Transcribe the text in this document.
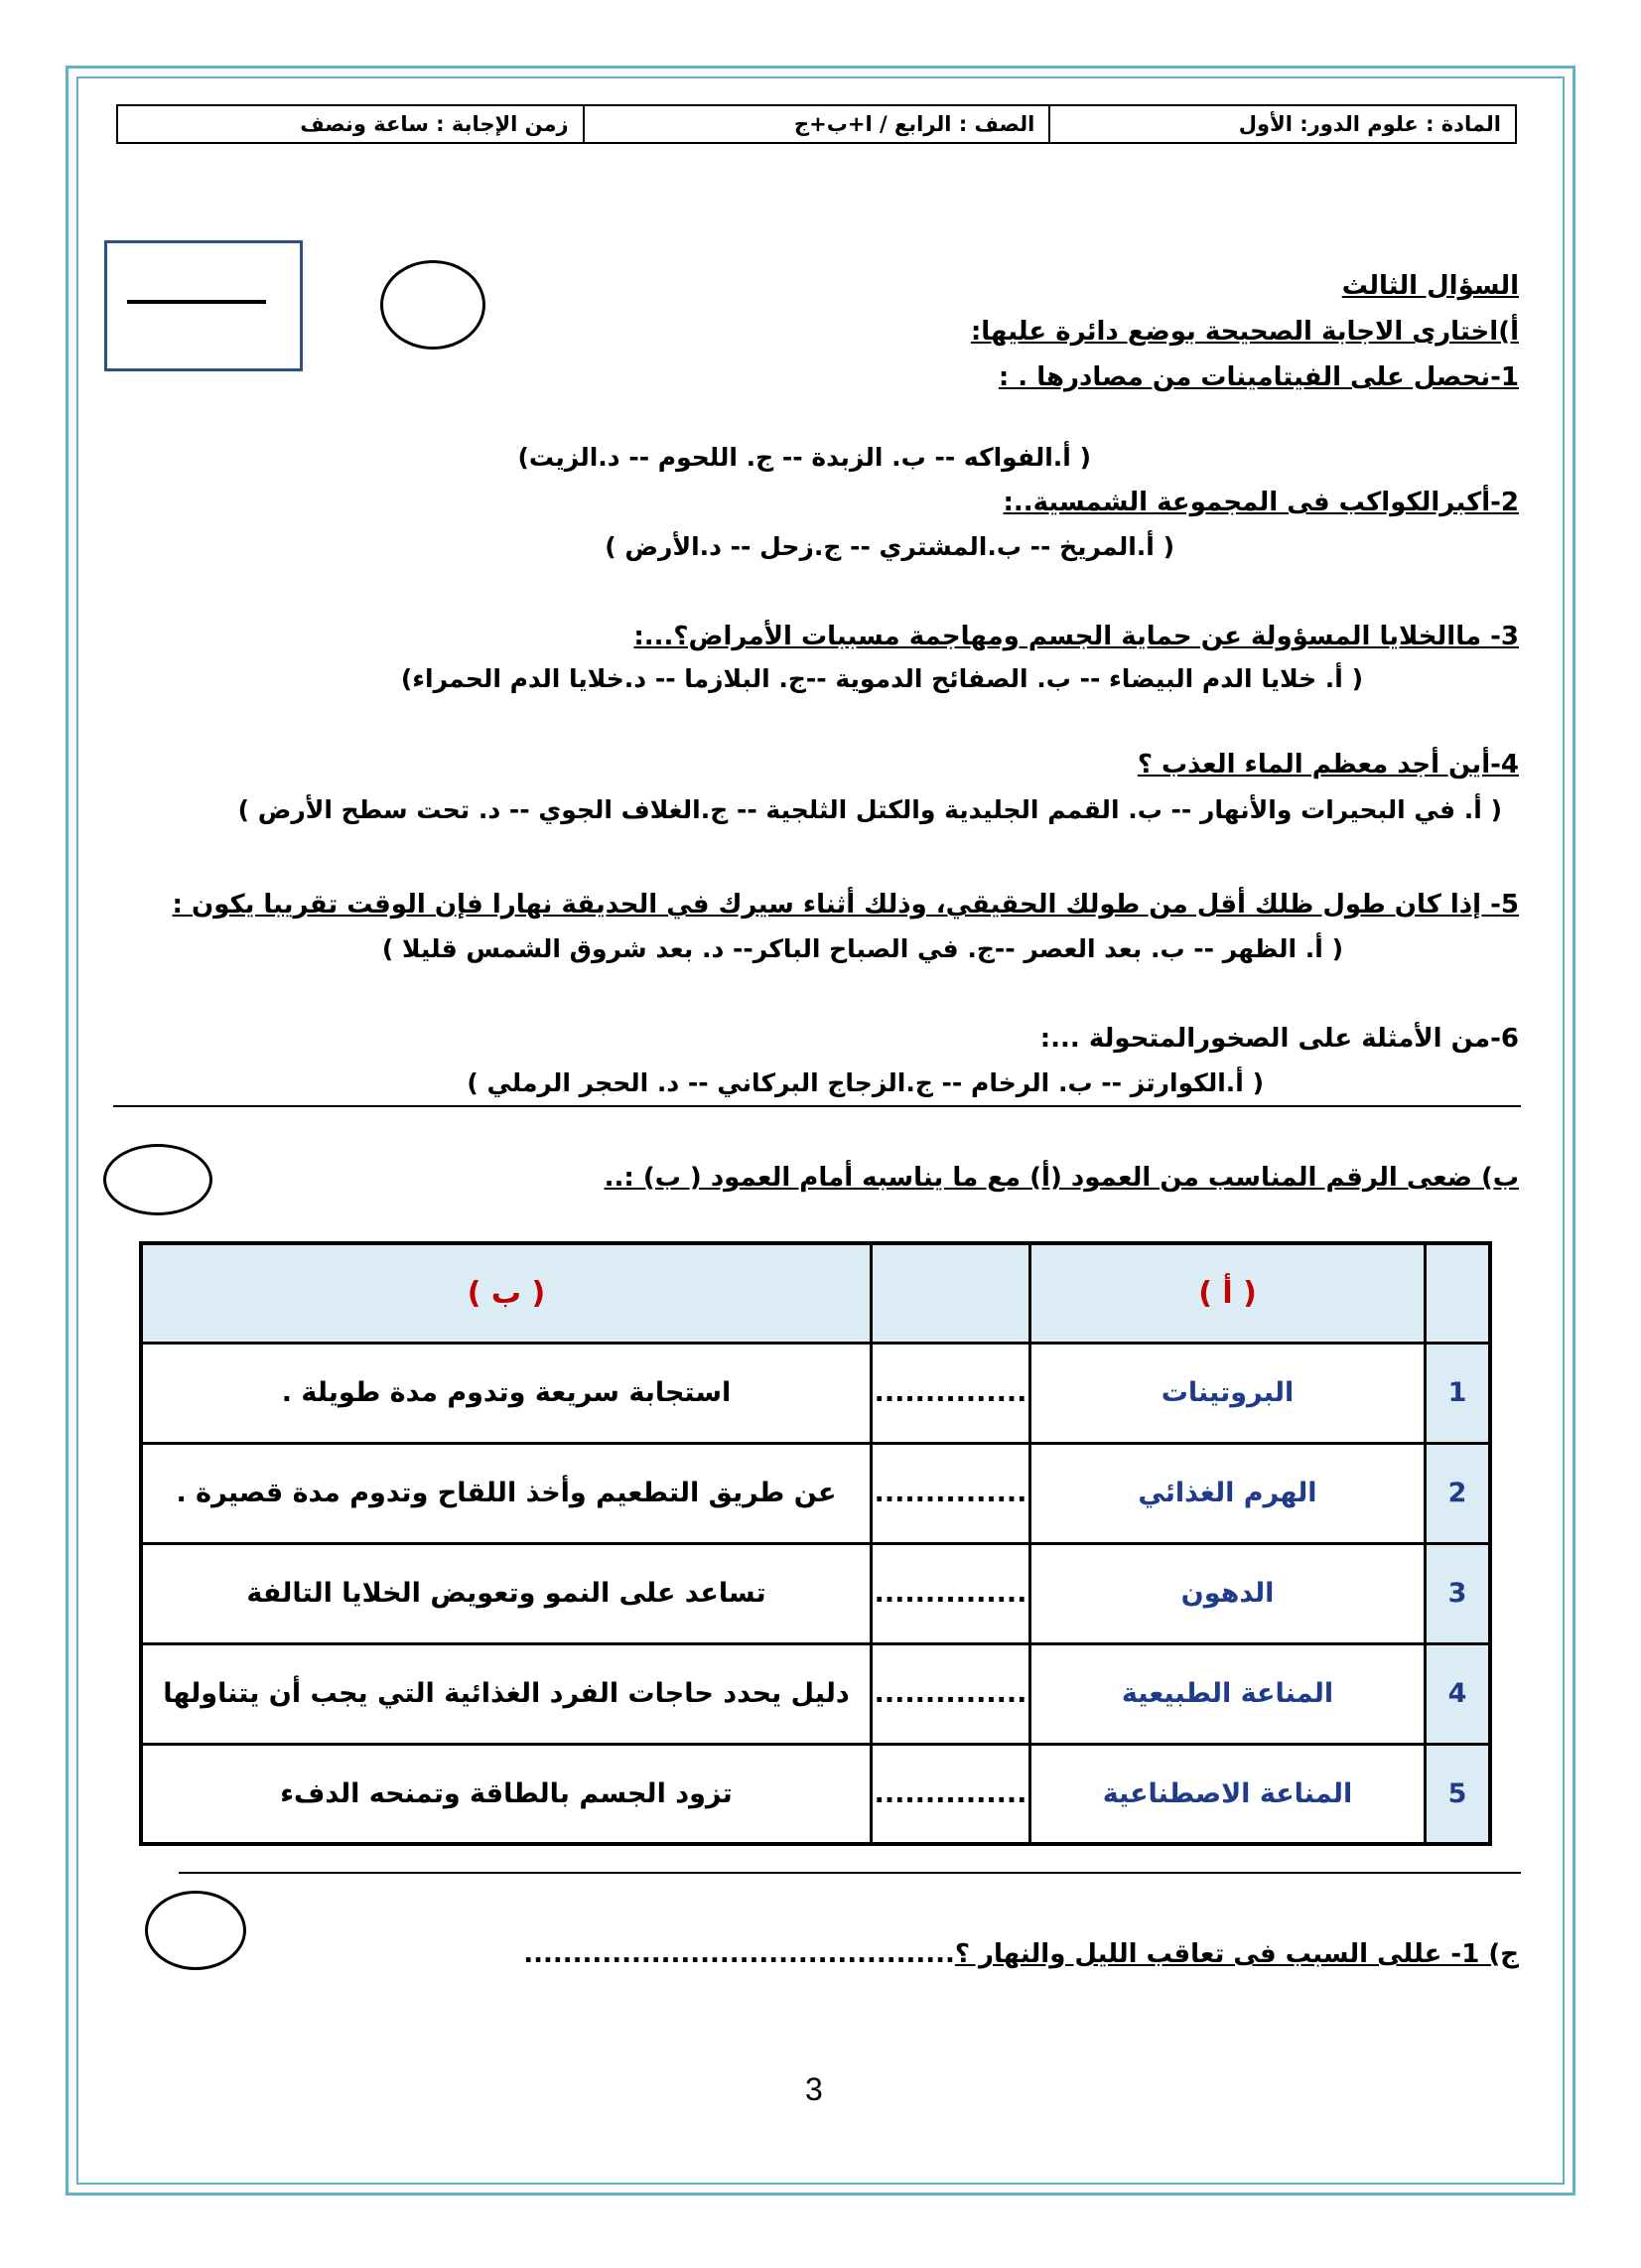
المادة : علوم الدور: الأول
الصف : الرابع / ا+ب+ج
زمن الإجابة : ساعة ونصف
السؤال الثالث
أ)اختارى الاجابة الصحيحة بوضع دائرة عليها:
1-نحصل على الفيتامينات من مصادرها . :
( أ.الفواكه -- ب. الزبدة -- ج. اللحوم -- د.الزيت)
2-أكبرالكواكب فى المجموعة الشمسية..:
( أ.المريخ -- ب.المشتري -- ج.زحل -- د.الأرض )
3- ماالخلايا المسؤولة عن حماية الجسم ومهاجمة مسببات الأمراض؟...:
( أ. خلايا الدم البيضاء -- ب. الصفائح الدموية --ج. البلازما -- د.خلايا الدم الحمراء)
4-أين أجد معظم الماء العذب ؟
( أ. في البحيرات والأنهار -- ب. القمم الجليدية والكتل الثلجية -- ج.الغلاف الجوي -- د. تحت سطح الأرض )
5- إذا كان طول ظلك أقل من طولك الحقيقي، وذلك أثناء سيرك في الحديقة نهارا فإن الوقت تقريبا يكون :
( أ. الظهر -- ب. بعد العصر --ج. في الصباح الباكر-- د. بعد شروق الشمس قليلا )
6-من الأمثلة على الصخورالمتحولة ...:
( أ.الكوارتز -- ب. الرخام -- ج.الزجاج البركاني -- د. الحجر الرملي )
ب) ضعى الرقم المناسب من العمود (أ) مع ما يناسبه أمام العمود ( ب) :..
	( أ )		( ب )
1	البروتينات	...............	استجابة سريعة وتدوم مدة طويلة .
2	الهرم الغذائي	...............	عن طريق التطعيم وأخذ اللقاح وتدوم مدة قصيرة .
3	الدهون	...............	تساعد على النمو وتعويض الخلايا التالفة
4	المناعة الطبيعية	...............	دليل يحدد حاجات الفرد الغذائية التي يجب أن يتناولها
5	المناعة الاصطناعية	...............	تزود الجسم بالطاقة وتمنحه الدفء
ج) 1- عللى السبب فى تعاقب الليل والنهار ؟............................................
3
